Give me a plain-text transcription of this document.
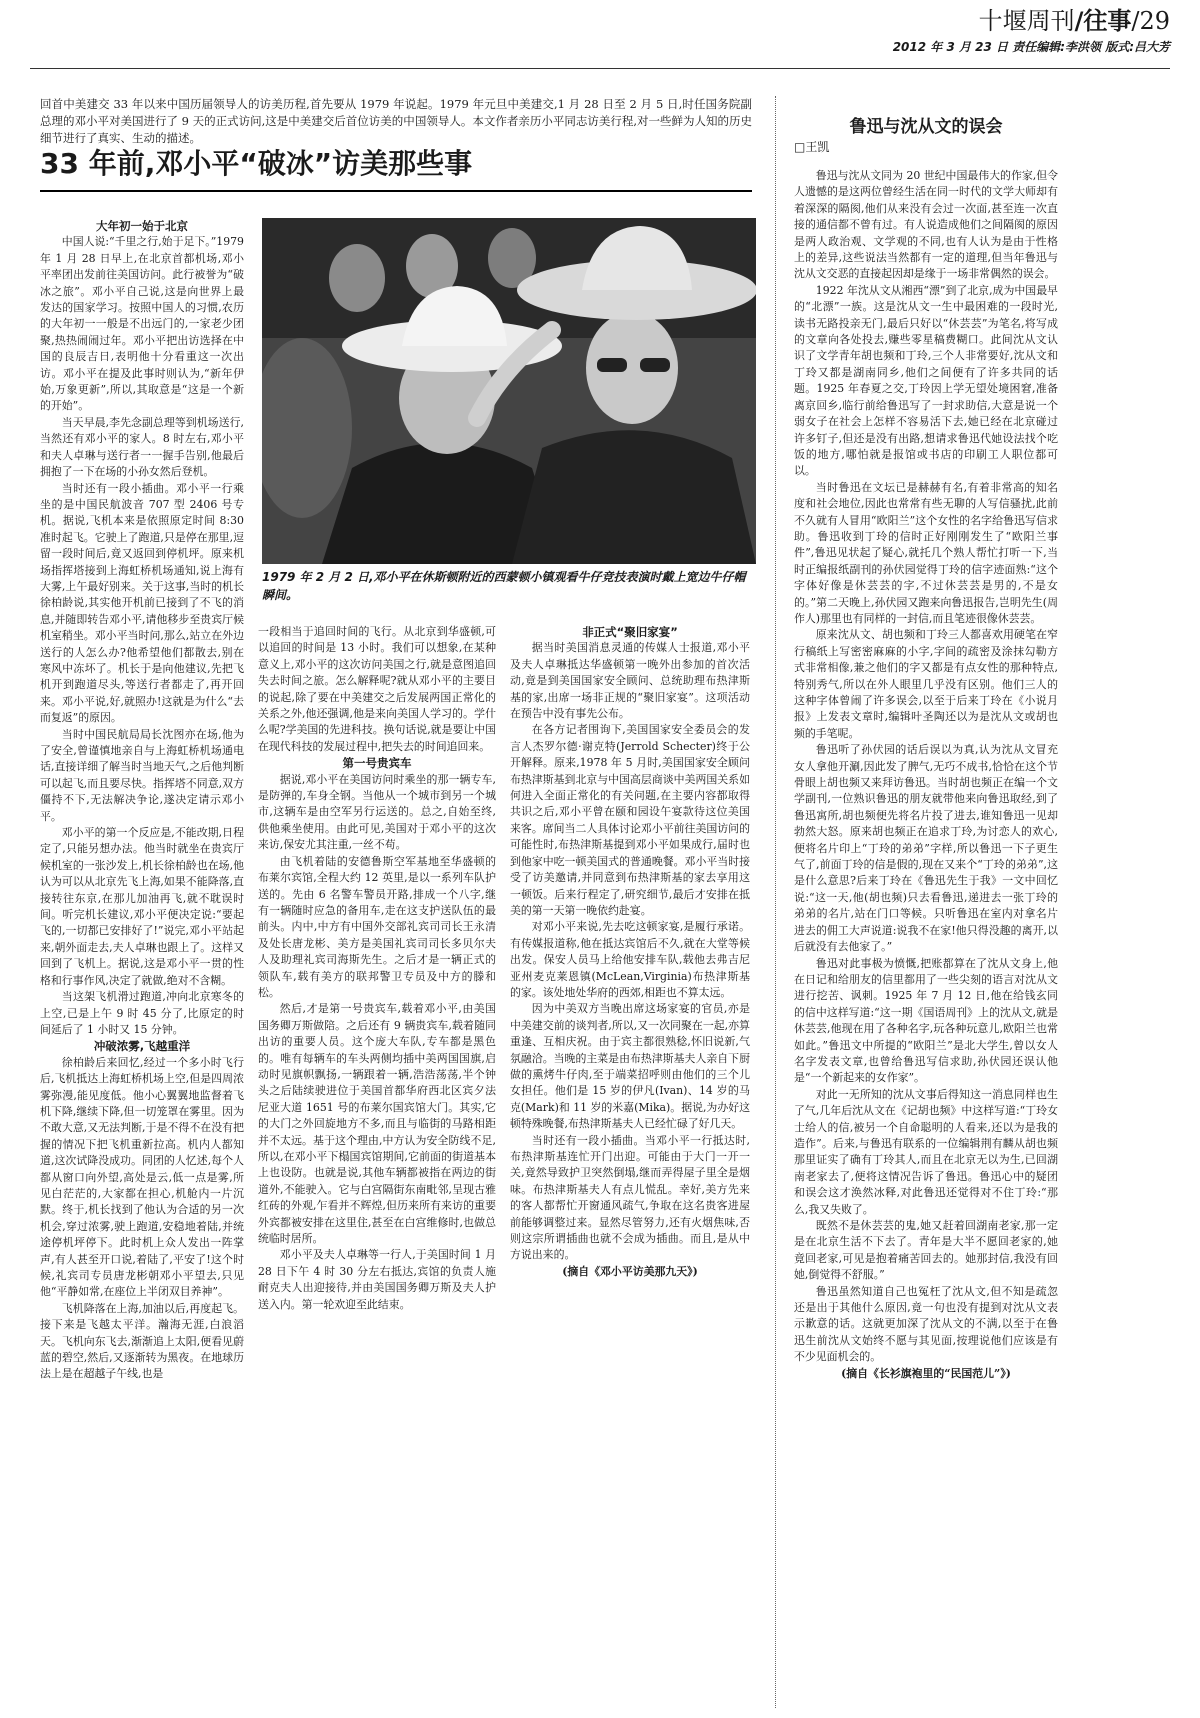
十堰周刊/往事/29
2012 年 3 月 23 日 责任编辑:李洪领 版式:吕大芳
回首中美建交 33 年以来中国历届领导人的访美历程,首先要从 1979 年说起。1979 年元旦中美建交,1 月 28 日至 2 月 5 日,时任国务院副总理的邓小平对美国进行了 9 天的正式访问,这是中美建交后首位访美的中国领导人。本文作者亲历小平同志访美行程,对一些鲜为人知的历史细节进行了真实、生动的描述。
33 年前,邓小平“破冰”访美那些事
1979 年 2 月 2 日,邓小平在休斯顿附近的西蒙顿小镇观看牛仔竞技表演时戴上宽边牛仔帽瞬间。

大年初一始于北京

中国人说:“千里之行,始于足下。”1979 年 1 月 28 日早上,在北京首都机场,邓小平率团出发前往美国访问。此行被誉为“破冰之旅”。邓小平自己说,这是向世界上最发达的国家学习。按照中国人的习惯,农历的大年初一一般是不出远门的,一家老少团聚,热热闹闹过年。邓小平把出访选择在中国的良辰吉日,表明他十分看重这一次出访。邓小平在提及此事时则认为,“新年伊始,万象更新”,所以,其取意是“这是一个新的开始”。

当天早晨,李先念副总理等到机场送行,当然还有邓小平的家人。8 时左右,邓小平和夫人卓琳与送行者一一握手告别,他最后拥抱了一下在场的小孙女然后登机。

当时还有一段小插曲。邓小平一行乘坐的是中国民航波音 707 型 2406 号专机。据说,飞机本来是依照原定时间 8:30 准时起飞。它驶上了跑道,只是停在那里,逗留一段时间后,竟又返回到停机坪。原来机场指挥塔接到上海虹桥机场通知,说上海有大雾,上午最好别来。关于这事,当时的机长徐柏龄说,其实他开机前已接到了不飞的消息,并随即转告邓小平,请他移步至贵宾厅候机室稍坐。邓小平当时问,那么,站立在外边送行的人怎么办?他希望他们都散去,别在寒风中冻坏了。机长于是向他建议,先把飞机开到跑道尽头,等送行者都走了,再开回来。邓小平说,好,就照办!这就是为什么“去而复返”的原因。

当时中国民航局局长沈图亦在场,他为了安全,曾谨慎地亲自与上海虹桥机场通电话,直接详细了解当时当地天气,之后他判断可以起飞,而且要尽快。指挥塔不同意,双方僵持不下,无法解决争论,遂决定请示邓小平。

邓小平的第一个反应是,不能改期,日程定了,只能另想办法。他当时就坐在贵宾厅候机室的一张沙发上,机长徐柏龄也在场,他认为可以从北京先飞上海,如果不能降落,直接转往东京,在那儿加油再飞,就不耽误时间。听完机长建议,邓小平便决定说:“要起飞的,一切都已安排好了!”说完,邓小平站起来,朝外面走去,夫人卓琳也跟上了。这样又回到了飞机上。据说,这是邓小平一贯的性格和行事作风,决定了就做,绝对不含糊。

当这架飞机滑过跑道,冲向北京寒冬的上空,已是上午 9 时 45 分了,比原定的时间延后了 1 小时又 15 分钟。

冲破浓雾,飞越重洋

徐柏龄后来回忆,经过一个多小时飞行后,飞机抵达上海虹桥机场上空,但是四周浓雾弥漫,能见度低。他小心翼翼地监督着飞机下降,继续下降,但一切笼罩在雾里。因为不敢大意,又无法判断,于是不得不在没有把握的情况下把飞机重新拉高。机内人都知道,这次试降没成功。同团的人忆述,每个人都从窗口向外望,高处是云,低一点是雾,所见白茫茫的,大家都在担心,机舱内一片沉默。终于,机长找到了他认为合适的另一次机会,穿过浓雾,驶上跑道,安稳地着陆,并统途停机坪停下。此时机上众人发出一阵掌声,有人甚至开口说,着陆了,平安了!这个时候,礼宾司专员唐龙彬朝邓小平望去,只见他“平静如常,在座位上半闭双目养神”。

飞机降落在上海,加油以后,再度起飞。接下来是飞越太平洋。瀚海无涯,白浪滔天。飞机向东飞去,渐渐追上太阳,便看见蔚蓝的碧空,然后,又逐渐转为黑夜。在地球历法上是在超越子午线,也是

一段相当于追回时间的飞行。从北京到华盛顿,可以追回的时间是 13 小时。我们可以想象,在某种意义上,邓小平的这次访问美国之行,就是意图追回失去时间之旅。怎么解释呢?就从邓小平的主要目的说起,除了要在中美建交之后发展两国正常化的关系之外,他还强调,他是来向美国人学习的。学什么呢?学美国的先进科技。换句话说,就是要让中国在现代科技的发展过程中,把失去的时间追回来。

第一号贵宾车

据说,邓小平在美国访问时乘坐的那一辆专车,是防弹的,车身全钢。当他从一个城市到另一个城市,这辆车是由空军另行运送的。总之,自始至终,供他乘坐使用。由此可见,美国对于邓小平的这次来访,保安尤其注重,一丝不苟。

由飞机着陆的安德鲁斯空军基地至华盛顿的布莱尔宾馆,全程大约 12 英里,是以一系列车队护送的。先由 6 名警车警员开路,排成一个八字,继有一辆随时应急的备用车,走在这支护送队伍的最前头。内中,中方有中国外交部礼宾司司长王永清及处长唐龙彬、美方是美国礼宾司司长多贝尔夫人及助理礼宾司海斯先生。之后才是一辆正式的领队车,载有美方的联邦警卫专员及中方的滕和松。

然后,才是第一号贵宾车,载着邓小平,由美国国务卿万斯做陪。之后还有 9 辆贵宾车,载着随同出访的重要人员。这个庞大车队,专车都是黑色的。唯有每辆车的车头两侧均插中美两国国旗,启动时见旗帜飘扬,一辆跟着一辆,浩浩荡荡,半个钟头之后陆续驶进位于美国首都华府西北区宾夕法尼亚大道 1651 号的布莱尔国宾馆大门。其实,它的大门之外回旋地方不多,而且与临街的马路相距并不太远。基于这个理由,中方认为安全防线不足,所以,在邓小平下榻国宾馆期间,它前面的街道基本上也设防。也就是说,其他车辆都被指在两边的街道外,不能驶入。它与白宫隔街东南毗邻,呈现古雅红砖的外观,乍看并不辉煌,但历来所有来访的重要外宾都被安排在这里住,甚至在白宫维修时,也做总统临时居所。

邓小平及夫人卓琳等一行人,于美国时间 1 月 28 日下午 4 时 30 分左右抵达,宾馆的负责人施耐克夫人出迎接待,并由美国国务卿万斯及夫人护送入内。第一轮欢迎至此结束。

非正式“聚旧家宴”

据当时美国消息灵通的传媒人士报道,邓小平及夫人卓琳抵达华盛顿第一晚外出参加的首次活动,竟是到美国国家安全顾问、总统助理布热津斯基的家,出席一场非正规的“聚旧家宴”。这项活动在预告中没有事先公布。

在各方记者围询下,美国国家安全委员会的发言人杰罗尔德·谢克特(Jerrold Schecter)终于公开解释。原来,1978 年 5 月时,美国国家安全顾问布热津斯基到北京与中国高层商谈中美两国关系如何进入全面正常化的有关问题,在主要内容都取得共识之后,邓小平曾在颐和园设午宴款待这位美国来客。席间当二人具体讨论邓小平前往美国访问的可能性时,布热津斯基提到邓小平如果成行,届时也到他家中吃一顿美国式的普通晚餐。邓小平当时接受了访美邀请,并同意到布热津斯基的家去享用这一顿饭。后来行程定了,研究细节,最后才安排在抵美的第一天第一晚依约赴宴。

对邓小平来说,先去吃这顿家宴,是履行承诺。有传媒报道称,他在抵达宾馆后不久,就在大堂等候出发。保安人员马上给他安排车队,载他去弗吉尼亚州麦克莱恩镇(McLean,Virginia)布热津斯基的家。该处地处华府的西郊,相距也不算太远。

因为中美双方当晚出席这场家宴的官员,亦是中美建交前的谈判者,所以,又一次同聚在一起,亦算重逢、互相庆祝。由于宾主都很熟稔,怀旧说新,气氛融洽。当晚的主菜是由布热津斯基夫人亲自下厨做的熏烤牛仔肉,至于端菜招呼则由他们的三个儿女担任。他们是 15 岁的伊凡(Ivan)、14 岁的马克(Mark)和 11 岁的米嘉(Mika)。据说,为办好这顿特殊晚餐,布热津斯基夫人已经忙碌了好几天。

当时还有一段小插曲。当邓小平一行抵达时,布热津斯基连忙开门出迎。可能由于大门一开一关,竟然导致护卫突然倒塌,继而弄得屋子里全是烟味。布热津斯基夫人有点儿慌乱。幸好,美方先来的客人都帮忙开窗通风疏气,争取在这名贵客进屋前能够调整过来。显然尽管努力,还有火烟焦味,否则这宗所谓插曲也就不会成为插曲。而且,是从中方说出来的。

(摘自《邓小平访美那九天》)

鲁迅与沈从文的误会
□王凯

鲁迅与沈从文同为 20 世纪中国最伟大的作家,但令人遗憾的是这两位曾经生活在同一时代的文学大师却有着深深的隔阂,他们从来没有会过一次面,甚至连一次直接的通信都不曾有过。有人说造成他们之间隔阂的原因是两人政治观、文学观的不同,也有人认为是由于性格上的差异,这些说法当然都有一定的道理,但当年鲁迅与沈从文交恶的直接起因却是缘于一场非常偶然的误会。

1922 年沈从文从湘西“漂”到了北京,成为中国最早的“北漂”一族。这是沈从文一生中最困难的一段时光,读书无路投亲无门,最后只好以“休芸芸”为笔名,将写成的文章向各处投去,赚些零星稿费糊口。此间沈从文认识了文学青年胡也频和丁玲,三个人非常要好,沈从文和丁玲又都是湖南同乡,他们之间便有了许多共同的话题。1925 年春夏之交,丁玲因上学无望处境困窘,准备离京回乡,临行前给鲁迅写了一封求助信,大意是说一个弱女子在社会上怎样不容易活下去,她已经在北京碰过许多钉子,但还是没有出路,想请求鲁迅代她设法找个吃饭的地方,哪怕就是报馆或书店的印刷工人职位都可以。

当时鲁迅在文坛已是赫赫有名,有着非常高的知名度和社会地位,因此也常常有些无聊的人写信骚扰,此前不久就有人冒用“欧阳兰”这个女性的名字给鲁迅写信求助。鲁迅收到丁玲的信时正好刚刚发生了“欧阳兰事件”,鲁迅见状起了疑心,就托几个熟人帮忙打听一下,当时正编报纸副刊的孙伏园觉得丁玲的信字迹面熟:“这个字体好像是休芸芸的字,不过休芸芸是男的,不是女的。”第二天晚上,孙伏园又跑来向鲁迅报告,岂明先生(周作人)那里也有同样的一封信,而且笔迹很像休芸芸。

原来沈从文、胡也频和丁玲三人都喜欢用硬笔在窄行稿纸上写密密麻麻的小字,字间的疏密及涂抹勾勒方式非常相像,兼之他们的字又都是有点女性的那种特点,特别秀气,所以在外人眼里几乎没有区别。他们三人的这种字体曾闹了许多误会,以至于后来丁玲在《小说月报》上发表文章时,编辑叶圣陶还以为是沈从文或胡也频的手笔呢。

鲁迅听了孙伏园的话后误以为真,认为沈从文冒充女人拿他开涮,因此发了脾气,无巧不成书,恰恰在这个节骨眼上胡也频又来拜访鲁迅。当时胡也频正在编一个文学副刊,一位熟识鲁迅的朋友就带他来向鲁迅取经,到了鲁迅寓所,胡也频便先将名片投了进去,谁知鲁迅一见却勃然大怒。原来胡也频正在追求丁玲,为讨恋人的欢心,便将名片印上“丁玲的弟弟”字样,所以鲁迅一下子更生气了,前面丁玲的信是假的,现在又来个“丁玲的弟弟”,这是什么意思?后来丁玲在《鲁迅先生于我》一文中回忆说:“这一天,他(胡也频)只去看鲁迅,递进去一张丁玲的弟弟的名片,站在门口等候。只听鲁迅在室内对拿名片进去的佣工大声说道:说我不在家!他只得没趣的离开,以后就没有去他家了。”

鲁迅对此事极为愤慨,把账都算在了沈从文身上,他在日记和给朋友的信里都用了一些尖刻的语言对沈从文进行挖苦、讽刺。1925 年 7 月 12 日,他在给钱玄同的信中这样写道:“这一期《国语周刊》上的沈从文,就是休芸芸,他现在用了各种名字,玩各种玩意儿,欧阳兰也常如此。”鲁迅文中所提的“欧阳兰”是北大学生,曾以女人名字发表文章,也曾给鲁迅写信求助,孙伏园还误认他是“一个新起来的女作家”。

对此一无所知的沈从文事后得知这一消息同样也生了气,几年后沈从文在《记胡也频》中这样写道:“丁玲女士给人的信,被另一个自命聪明的人看来,还以为是我的造作”。后来,与鲁迅有联系的一位编辑荆有麟从胡也频那里证实了确有丁玲其人,而且在北京无以为生,已回湖南老家去了,便将这情况告诉了鲁迅。鲁迅心中的疑团和误会这才涣然冰释,对此鲁迅还觉得对不住丁玲:“那么,我又失败了。

既然不是休芸芸的鬼,她又赶着回湖南老家,那一定是在北京生活不下去了。青年是大半不愿回老家的,她竟回老家,可见是抱着痛苦回去的。她那封信,我没有回她,倒觉得不舒服。”

鲁迅虽然知道自己也冤枉了沈从文,但不知是疏忽还是出于其他什么原因,竟一句也没有提到对沈从文表示歉意的话。这就更加深了沈从文的不满,以至于在鲁迅生前沈从文始终不愿与其见面,按理说他们应该是有不少见面机会的。

(摘自《长衫旗袍里的“民国范儿”》)
